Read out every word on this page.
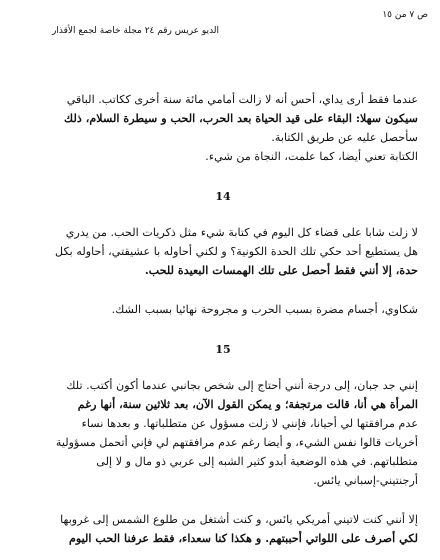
ص ٧ من ١٥
الديو عريس رقم ٢٤ مجلة خاصة لجمع الأقذار

عندما فقط أرى يداي، أحس أنه لا زالت أمامي مائة سنة أخرى ككاتب. الباقي

سيكون سهلا: البقاء على قيد الحياة بعد الحرب، الحب و سيطرة السلام، ذلك

سأحصل عليه عن طريق الكتابة.

الكتابة تعني أيضا، كما علمت، النجاة من شيء.

14

لا زلت شابا على قضاء كل اليوم في كتابة شيء مثل ذكريات الحب. من يدري

هل يستطيع أحد حكي تلك الحدة الكونية؟ و لكني أحاوله با عشيقتي، أحاوله بكل

حدة، إلا أنني فقط أحصل على تلك الهمسات البعيدة للحب.

شكاوي، أجسام مضرة بسبب الحرب و مجروحة نهائيا بسبب الشك.

15

إنني جد جبان، إلى درجة أنني أحتاج إلى شخص بجانبي عندما أكون أكتب. تلك

المرأة هي أنا، قالت مرتجفة؛ و يمكن القول الآن، بعد ثلاثين سنة، أنها رغم

عدم مرافقتها لي أحيانا، فإنني لا زلت مسؤول عن متطلباتها. و بعدها نساء

أخريات قالوا نفس الشيء، و أيضا رغم عدم مرافقتهم لي فإني أتحمل مسؤولية

متطلباتهم. في هذه الوضعية أبدو كثير الشبه إلى عربي ذو مال و لا إلى

أرجنتيني-إسباني يائس.

إلا أنني كنت لاتيني أمريكي يائس، و كنت أشتغل من طلوع الشمس إلى غروبها

لكي أصرف على اللواتي أحببتهم. و هكذا كنا سعداء، فقط عرفنا الحب اليوم
